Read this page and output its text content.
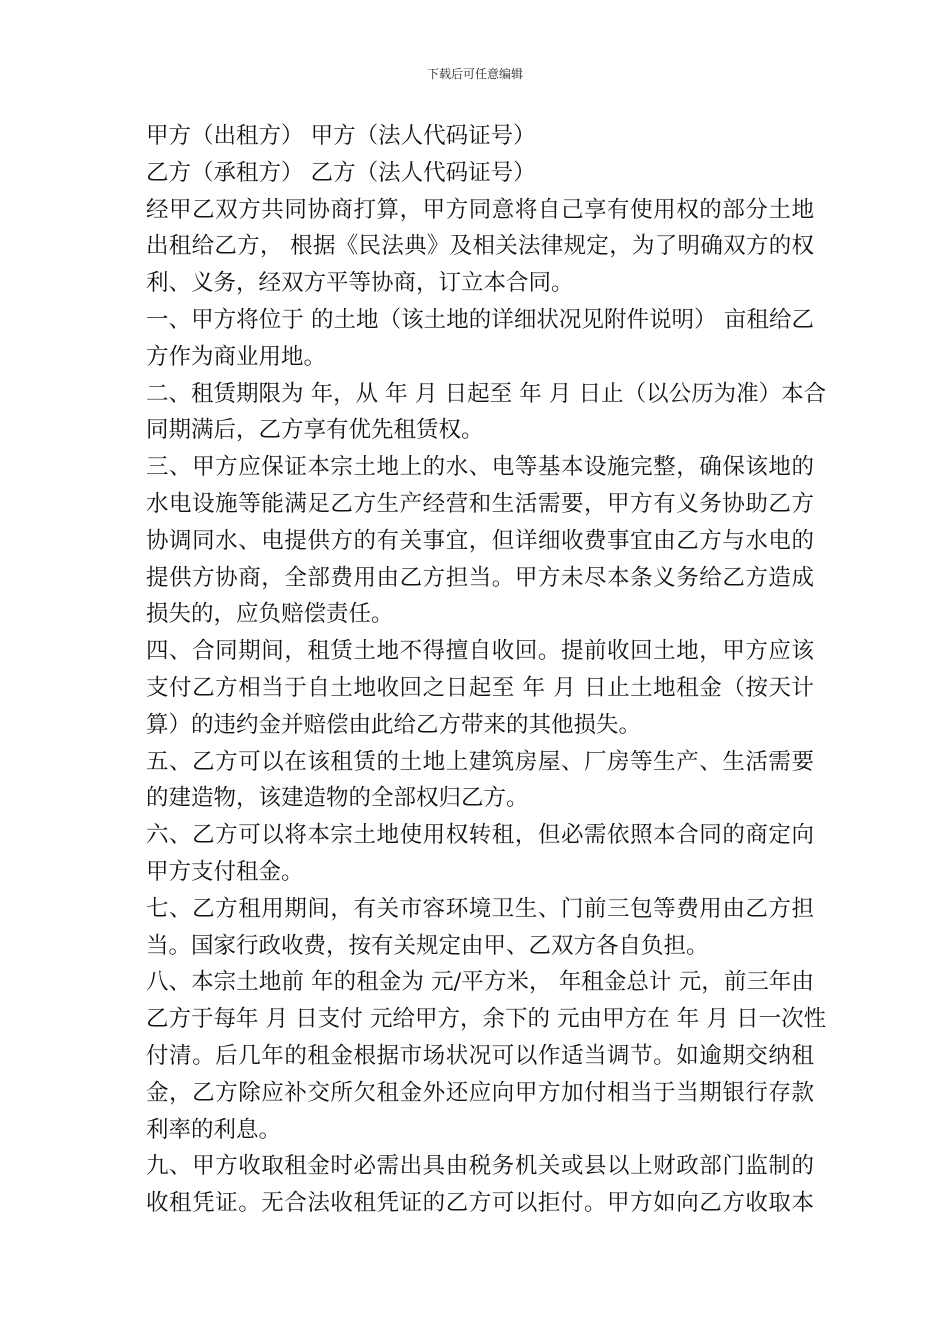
下载后可任意编辑
甲方（出租方） 甲方（法人代码证号）
乙方（承租方） 乙方（法人代码证号）
经甲乙双方共同协商打算，甲方同意将自己享有使用权的部分土地
出租给乙方， 根据《民法典》及相关法律规定，为了明确双方的权
利、义务，经双方平等协商，订立本合同。
一、甲方将位于 的土地（该土地的详细状况见附件说明） 亩租给乙
方作为商业用地。
二、租赁期限为 年，从 年 月 日起至 年 月 日止（以公历为准）本合
同期满后，乙方享有优先租赁权。
三、甲方应保证本宗土地上的水、电等基本设施完整，确保该地的
水电设施等能满足乙方生产经营和生活需要，甲方有义务协助乙方
协调同水、电提供方的有关事宜，但详细收费事宜由乙方与水电的
提供方协商，全部费用由乙方担当。甲方未尽本条义务给乙方造成
损失的，应负赔偿责任。
四、合同期间，租赁土地不得擅自收回。提前收回土地，甲方应该
支付乙方相当于自土地收回之日起至 年 月 日止土地租金（按天计
算）的违约金并赔偿由此给乙方带来的其他损失。
五、乙方可以在该租赁的土地上建筑房屋、厂房等生产、生活需要
的建造物，该建造物的全部权归乙方。
六、乙方可以将本宗土地使用权转租，但必需依照本合同的商定向
甲方支付租金。
七、乙方租用期间，有关市容环境卫生、门前三包等费用由乙方担
当。国家行政收费，按有关规定由甲、乙双方各自负担。
八、本宗土地前 年的租金为 元/平方米， 年租金总计 元，前三年由
乙方于每年 月 日支付 元给甲方，余下的 元由甲方在 年 月 日一次性
付清。后几年的租金根据市场状况可以作适当调节。如逾期交纳租
金，乙方除应补交所欠租金外还应向甲方加付相当于当期银行存款
利率的利息。
九、甲方收取租金时必需出具由税务机关或县以上财政部门监制的
收租凭证。无合法收租凭证的乙方可以拒付。甲方如向乙方收取本
